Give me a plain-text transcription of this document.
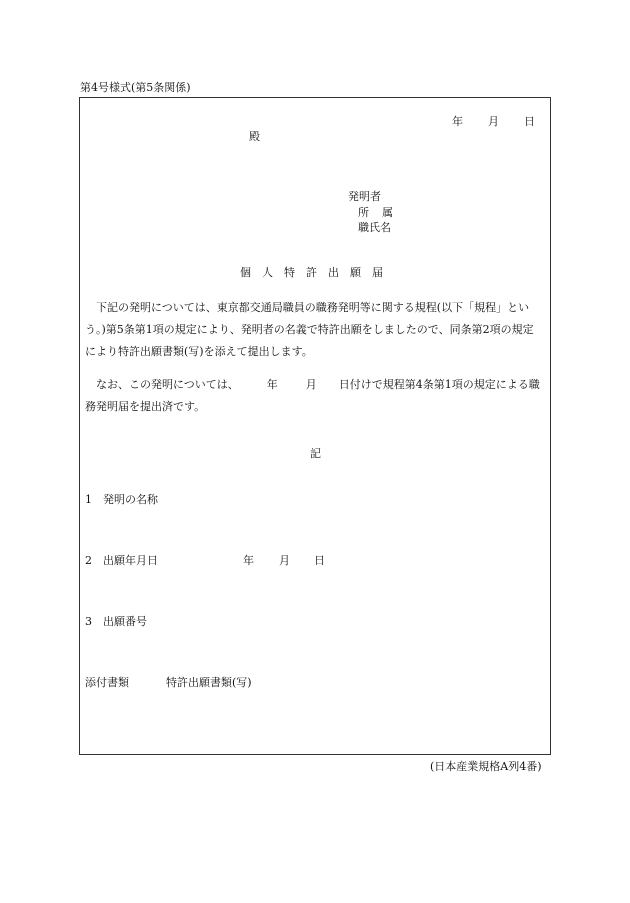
第4号様式(第5条関係)
年 月 日
殿
発明者
所　属
職氏名
個人特許出願届
下記の発明については、東京都交通局職員の職務発明等に関する規程(以下「規程」という。)第5条第1項の規定により、発明者の名義で特許出願をしましたので、同条第2項の規定により特許出願書類(写)を添えて提出します。
なお、この発明については、	年	月 日付けで規程第4条第1項の規定による職務発明届を提出済です。
記
1 発明の名称
2 出願年月日	年 月 日
3 出願番号
添付書類	特許出願書類(写)
(日本産業規格A列4番)
